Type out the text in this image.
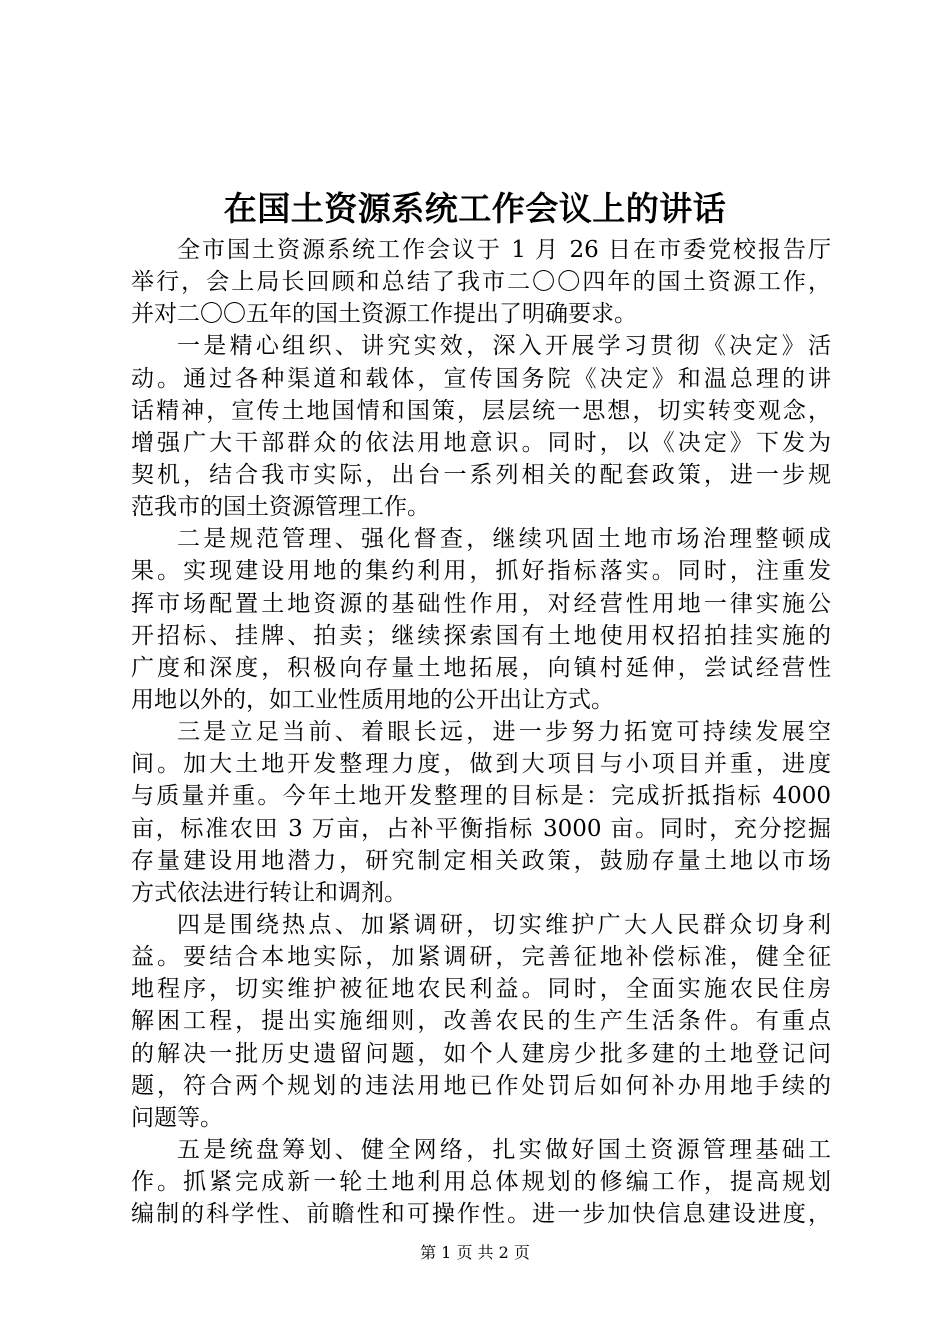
在国土资源系统工作会议上的讲话
全市国土资源系统工作会议于 1 月 26 日在市委党校报告厅
举行，会上局长回顾和总结了我市二〇〇四年的国土资源工作，
并对二〇〇五年的国土资源工作提出了明确要求。
一是精心组织、讲究实效，深入开展学习贯彻《决定》活
动。通过各种渠道和载体，宣传国务院《决定》和温总理的讲
话精神，宣传土地国情和国策，层层统一思想，切实转变观念，
增强广大干部群众的依法用地意识。同时，以《决定》下发为
契机，结合我市实际，出台一系列相关的配套政策，进一步规
范我市的国土资源管理工作。
二是规范管理、强化督查，继续巩固土地市场治理整顿成
果。实现建设用地的集约利用，抓好指标落实。同时，注重发
挥市场配置土地资源的基础性作用，对经营性用地一律实施公
开招标、挂牌、拍卖；继续探索国有土地使用权招拍挂实施的
广度和深度，积极向存量土地拓展，向镇村延伸，尝试经营性
用地以外的，如工业性质用地的公开出让方式。
三是立足当前、着眼长远，进一步努力拓宽可持续发展空
间。加大土地开发整理力度，做到大项目与小项目并重，进度
与质量并重。今年土地开发整理的目标是：完成折抵指标 4000
亩，标准农田 3 万亩，占补平衡指标 3000 亩。同时，充分挖掘
存量建设用地潜力，研究制定相关政策，鼓励存量土地以市场
方式依法进行转让和调剂。
四是围绕热点、加紧调研，切实维护广大人民群众切身利
益。要结合本地实际，加紧调研，完善征地补偿标准，健全征
地程序，切实维护被征地农民利益。同时，全面实施农民住房
解困工程，提出实施细则，改善农民的生产生活条件。有重点
的解决一批历史遗留问题，如个人建房少批多建的土地登记问
题，符合两个规划的违法用地已作处罚后如何补办用地手续的
问题等。
五是统盘筹划、健全网络，扎实做好国土资源管理基础工
作。抓紧完成新一轮土地利用总体规划的修编工作，提高规划
编制的科学性、前瞻性和可操作性。进一步加快信息建设进度，
第 1 页 共 2 页
